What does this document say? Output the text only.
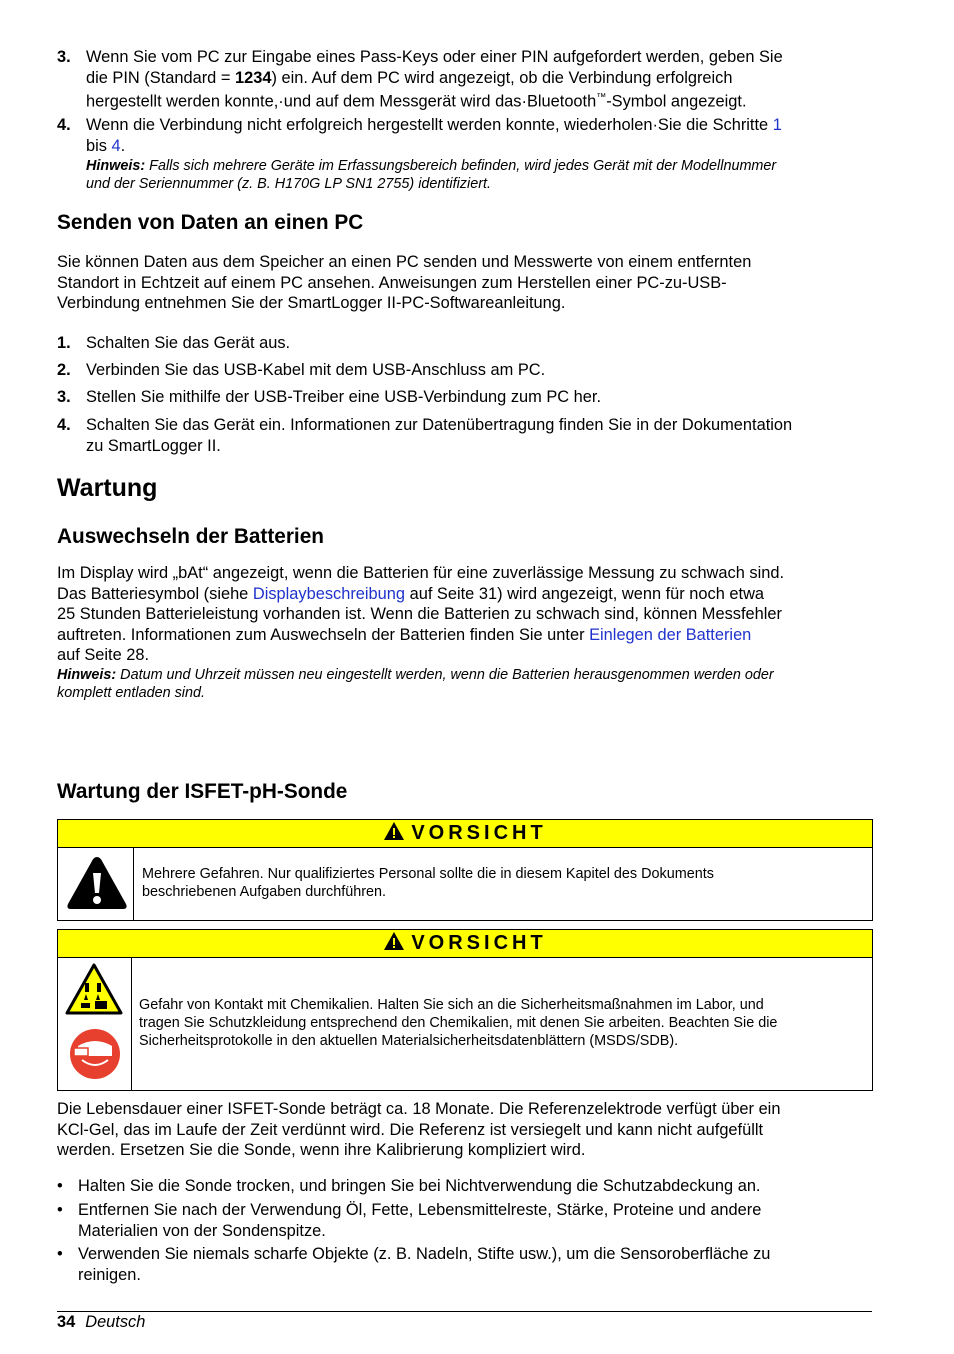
3. Wenn Sie vom PC zur Eingabe eines Pass-Keys oder einer PIN aufgefordert werden, geben Sie
die PIN (Standard = 1234) ein. Auf dem PC wird angezeigt, ob die Verbindung erfolgreich
hergestellt werden konnte,·und auf dem Messgerät wird das·Bluetooth™-Symbol angezeigt.
4. Wenn die Verbindung nicht erfolgreich hergestellt werden konnte, wiederholen·Sie die Schritte 1
bis 4.
Hinweis: Falls sich mehrere Geräte im Erfassungsbereich befinden, wird jedes Gerät mit der Modellnummer
und der Seriennummer (z. B. H170G LP SN1 2755) identifiziert.
Senden von Daten an einen PC
Sie können Daten aus dem Speicher an einen PC senden und Messwerte von einem entfernten
Standort in Echtzeit auf einem PC ansehen. Anweisungen zum Herstellen einer PC-zu-USB-
Verbindung entnehmen Sie der SmartLogger II-PC-Softwareanleitung.
1. Schalten Sie das Gerät aus.
2. Verbinden Sie das USB-Kabel mit dem USB-Anschluss am PC.
3. Stellen Sie mithilfe der USB-Treiber eine USB-Verbindung zum PC her.
4. Schalten Sie das Gerät ein. Informationen zur Datenübertragung finden Sie in der Dokumentation
zu SmartLogger II.
Wartung
Auswechseln der Batterien
Im Display wird „bAt“ angezeigt, wenn die Batterien für eine zuverlässige Messung zu schwach sind.
Das Batteriesymbol (siehe Displaybeschreibung auf Seite 31) wird angezeigt, wenn für noch etwa
25 Stunden Batterieleistung vorhanden ist. Wenn die Batterien zu schwach sind, können Messfehler
auftreten. Informationen zum Auswechseln der Batterien finden Sie unter Einlegen der Batterien
auf Seite 28.
Hinweis: Datum und Uhrzeit müssen neu eingestellt werden, wenn die Batterien herausgenommen werden oder
komplett entladen sind.
Wartung der ISFET-pH-Sonde
VORSICHT
Mehrere Gefahren. Nur qualifiziertes Personal sollte die in diesem Kapitel des Dokuments
beschriebenen Aufgaben durchführen.
VORSICHT
Gefahr von Kontakt mit Chemikalien. Halten Sie sich an die Sicherheitsmaßnahmen im Labor, und
tragen Sie Schutzkleidung entsprechend den Chemikalien, mit denen Sie arbeiten. Beachten Sie die
Sicherheitsprotokolle in den aktuellen Materialsicherheitsdatenblättern (MSDS/SDB).
Die Lebensdauer einer ISFET-Sonde beträgt ca. 18 Monate. Die Referenzelektrode verfügt über ein
KCl-Gel, das im Laufe der Zeit verdünnt wird. Die Referenz ist versiegelt und kann nicht aufgefüllt
werden. Ersetzen Sie die Sonde, wenn ihre Kalibrierung kompliziert wird.
• Halten Sie die Sonde trocken, und bringen Sie bei Nichtverwendung die Schutzabdeckung an.
• Entfernen Sie nach der Verwendung Öl, Fette, Lebensmittelreste, Stärke, Proteine und andere
Materialien von der Sondenspitze.
• Verwenden Sie niemals scharfe Objekte (z. B. Nadeln, Stifte usw.), um die Sensoroberfläche zu
reinigen.
34 Deutsch
